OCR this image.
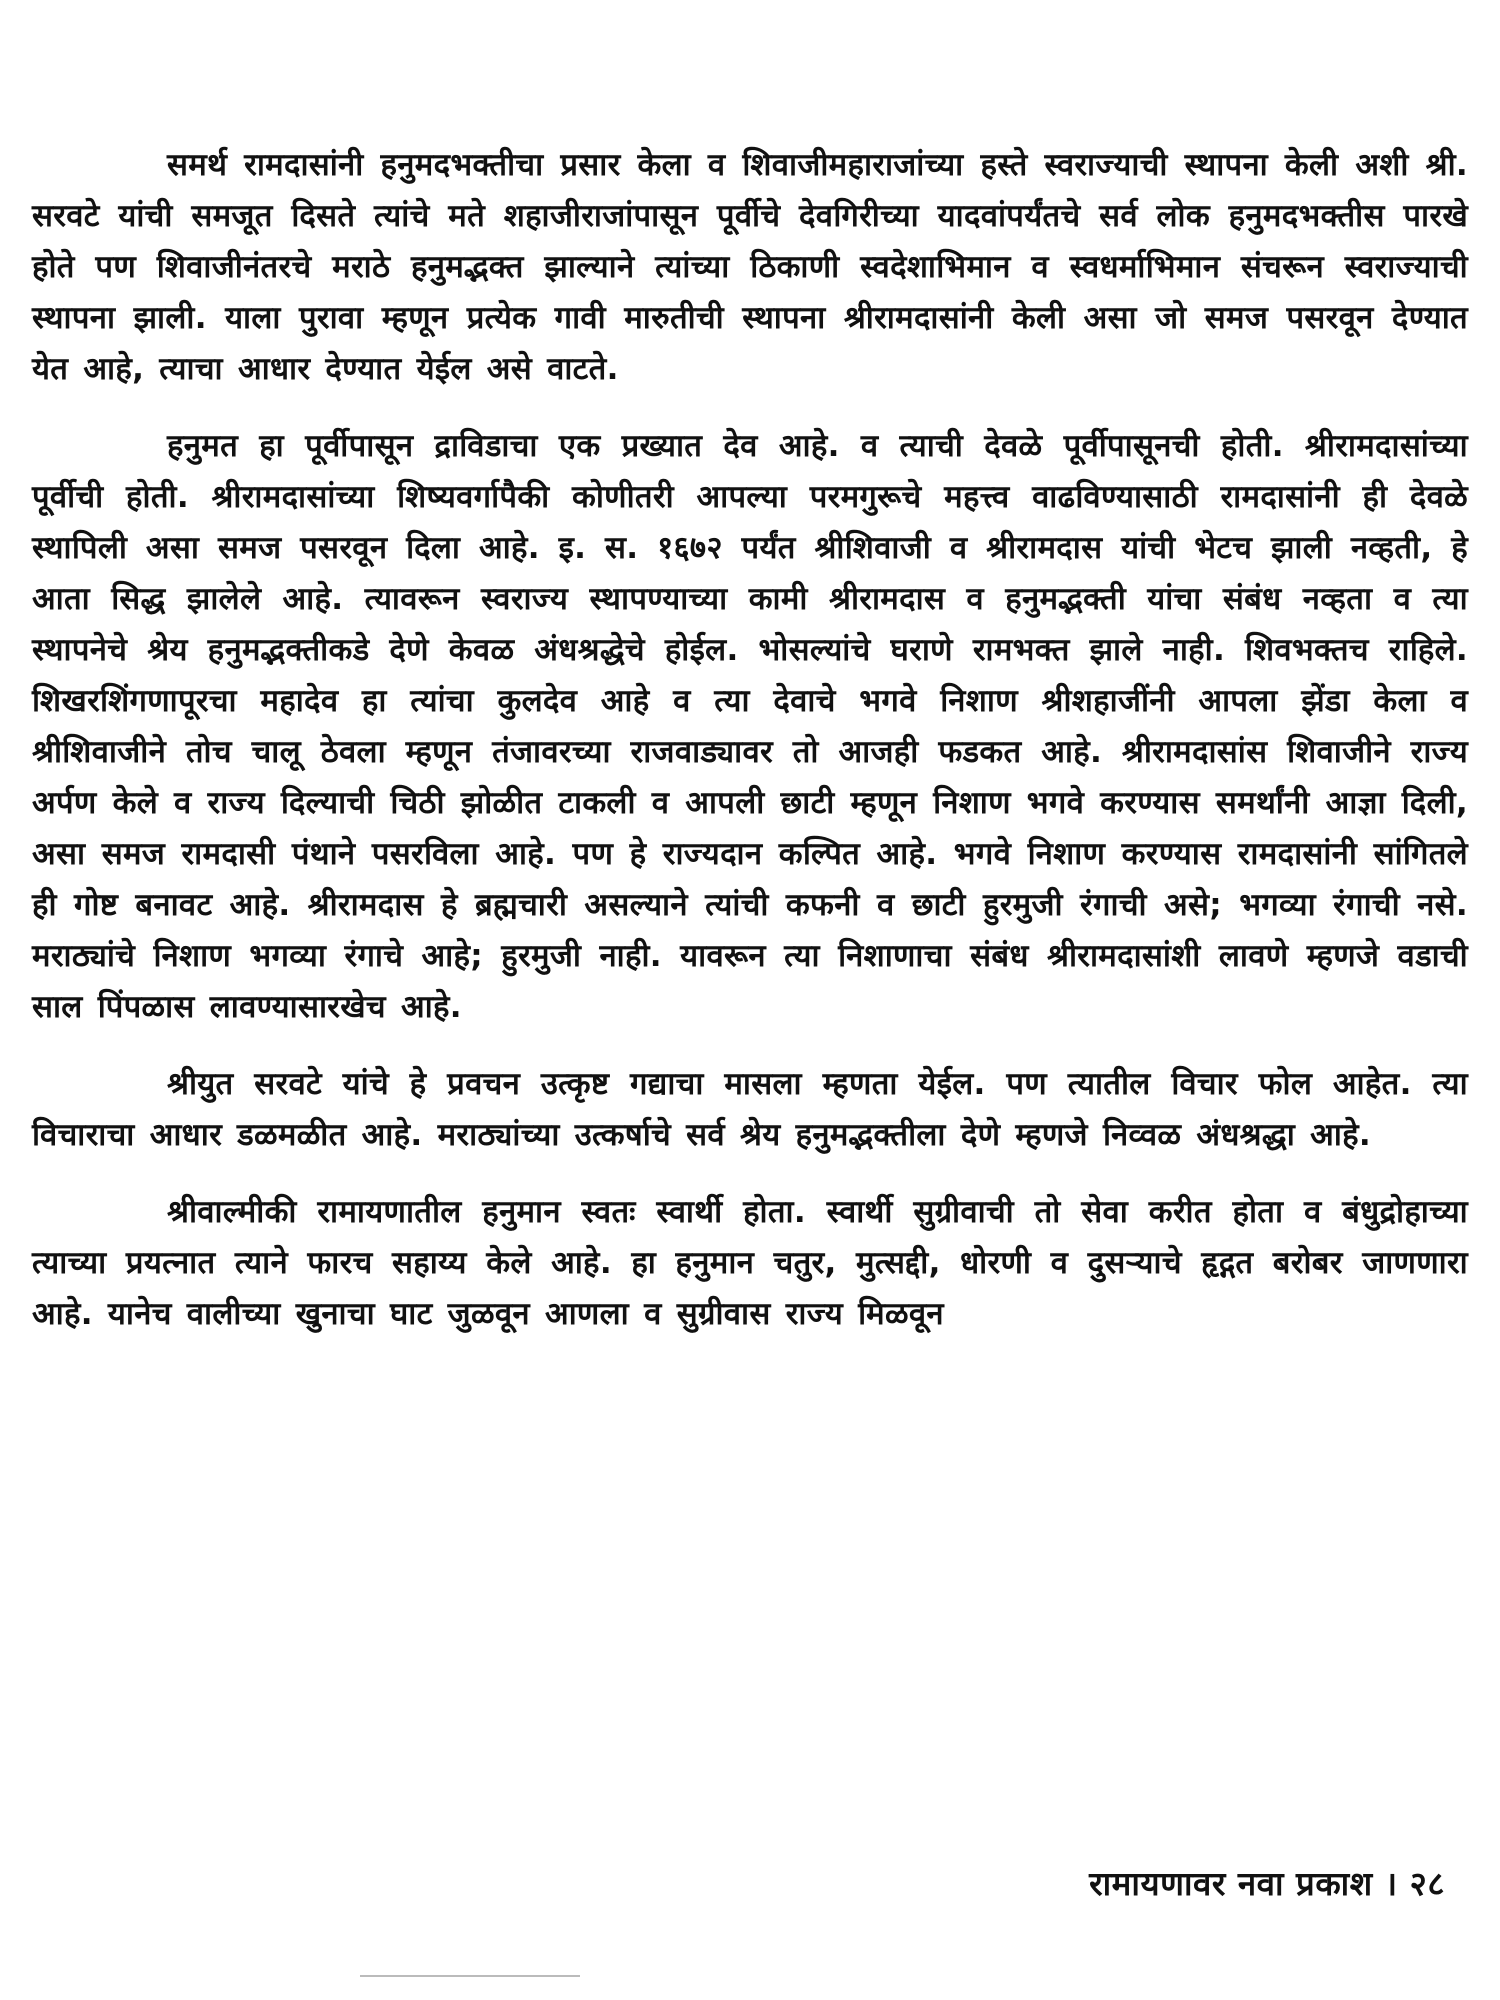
समर्थ रामदासांनी हनुमदभक्तीचा प्रसार केला व शिवाजीमहाराजांच्या हस्ते स्वराज्याची स्थापना केली अशी श्री. सरवटे यांची समजूत दिसते त्यांचे मते शहाजीराजांपासून पूर्वीचे देवगिरीच्या यादवांपर्यंतचे सर्व लोक हनुमदभक्तीस पारखे होते पण शिवाजीनंतरचे मराठे हनुमद्भक्त झाल्याने त्यांच्या ठिकाणी स्वदेशाभिमान व स्वधर्माभिमान संचरून स्वराज्याची स्थापना झाली. याला पुरावा म्हणून प्रत्येक गावी मारुतीची स्थापना श्रीरामदासांनी केली असा जो समज पसरवून देण्यात येत आहे, त्याचा आधार देण्यात येईल असे वाटते.

हनुमत हा पूर्वीपासून द्राविडाचा एक प्रख्यात देव आहे. व त्याची देवळे पूर्वीपासूनची होती. श्रीरामदासांच्या पूर्वीची होती. श्रीरामदासांच्या शिष्यवर्गापैकी कोणीतरी आपल्या परमगुरूचे महत्त्व वाढविण्यासाठी रामदासांनी ही देवळे स्थापिली असा समज पसरवून दिला आहे. इ. स. १६७२ पर्यंत श्रीशिवाजी व श्रीरामदास यांची भेटच झाली नव्हती, हे आता सिद्ध झालेले आहे. त्यावरून स्वराज्य स्थापण्याच्या कामी श्रीरामदास व हनुमद्भक्ती यांचा संबंध नव्हता व त्या स्थापनेचे श्रेय हनुमद्भक्तीकडे देणे केवळ अंधश्रद्धेचे होईल. भोसल्यांचे घराणे रामभक्त झाले नाही. शिवभक्तच राहिले. शिखरशिंगणापूरचा महादेव हा त्यांचा कुलदेव आहे व त्या देवाचे भगवे निशाण श्रीशहाजींनी आपला झेंडा केला व श्रीशिवाजीने तोच चालू ठेवला म्हणून तंजावरच्या राजवाड्यावर तो आजही फडकत आहे. श्रीरामदासांस शिवाजीने राज्य अर्पण केले व राज्य दिल्याची चिठी झोळीत टाकली व आपली छाटी म्हणून निशाण भगवे करण्यास समर्थांनी आज्ञा दिली, असा समज रामदासी पंथाने पसरविला आहे. पण हे राज्यदान कल्पित आहे. भगवे निशाण करण्यास रामदासांनी सांगितले ही गोष्ट बनावट आहे. श्रीरामदास हे ब्रह्मचारी असल्याने त्यांची कफनी व छाटी हुरमुजी रंगाची असे; भगव्या रंगाची नसे. मराठ्यांचे निशाण भगव्या रंगाचे आहे; हुरमुजी नाही. यावरून त्या निशाणाचा संबंध श्रीरामदासांशी लावणे म्हणजे वडाची साल पिंपळास लावण्यासारखेच आहे.

श्रीयुत सरवटे यांचे हे प्रवचन उत्कृष्ट गद्याचा मासला म्हणता येईल. पण त्यातील विचार फोल आहेत. त्या विचाराचा आधार डळमळीत आहे. मराठ्यांच्या उत्कर्षाचे सर्व श्रेय हनुमद्भक्तीला देणे म्हणजे निव्वळ अंधश्रद्धा आहे.

श्रीवाल्मीकी रामायणातील हनुमान स्वतः स्वार्थी होता. स्वार्थी सुग्रीवाची तो सेवा करीत होता व बंधुद्रोहाच्या त्याच्या प्रयत्नात त्याने फारच सहाय्य केले आहे. हा हनुमान चतुर, मुत्सद्दी, धोरणी व दुसऱ्याचे हृद्गत बरोबर जाणणारा आहे. यानेच वालीच्या खुनाचा घाट जुळवून आणला व सुग्रीवास राज्य मिळवून

रामायणावर नवा प्रकाश । २८
